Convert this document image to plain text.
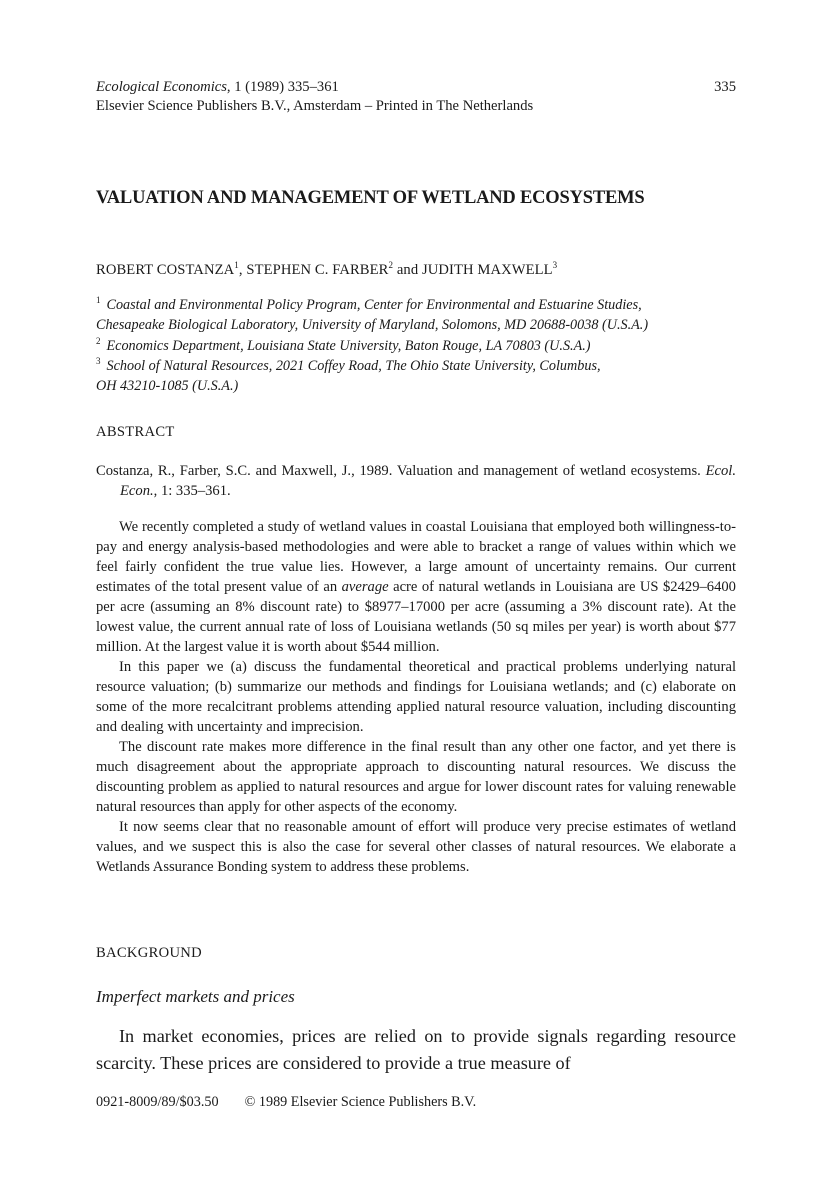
Ecological Economics, 1 (1989) 335–361
Elsevier Science Publishers B.V., Amsterdam – Printed in The Netherlands
335
VALUATION AND MANAGEMENT OF WETLAND ECOSYSTEMS
ROBERT COSTANZA$^1$, STEPHEN C. FARBER$^2$ and JUDITH MAXWELL$^3$
$^1$ Coastal and Environmental Policy Program, Center for Environmental and Estuarine Studies,
Chesapeake Biological Laboratory, University of Maryland, Solomons, MD 20688-0038 (U.S.A.)
$^2$ Economics Department, Louisiana State University, Baton Rouge, LA 70803 (U.S.A.)
$^3$ School of Natural Resources, 2021 Coffey Road, The Ohio State University, Columbus,
OH 43210-1085 (U.S.A.)
ABSTRACT
Costanza, R., Farber, S.C. and Maxwell, J., 1989. Valuation and management of wetland ecosystems. Ecol. Econ., 1: 335–361.

We recently completed a study of wetland values in coastal Louisiana that employed both willingness-to-pay and energy analysis-based methodologies and were able to bracket a range of values within which we feel fairly confident the true value lies. However, a large amount of uncertainty remains. Our current estimates of the total present value of an average acre of natural wetlands in Louisiana are US $2429–6400 per acre (assuming an 8% discount rate) to $8977–17000 per acre (assuming a 3% discount rate). At the lowest value, the current annual rate of loss of Louisiana wetlands (50 sq miles per year) is worth about $77 million. At the largest value it is worth about $544 million.

In this paper we (a) discuss the fundamental theoretical and practical problems underlying natural resource valuation; (b) summarize our methods and findings for Louisiana wetlands; and (c) elaborate on some of the more recalcitrant problems attending applied natural resource valuation, including discounting and dealing with uncertainty and imprecision.

The discount rate makes more difference in the final result than any other one factor, and yet there is much disagreement about the appropriate approach to discounting natural resources. We discuss the discounting problem as applied to natural resources and argue for lower discount rates for valuing renewable natural resources than apply for other aspects of the economy.

It now seems clear that no reasonable amount of effort will produce very precise estimates of wetland values, and we suspect this is also the case for several other classes of natural resources. We elaborate a Wetlands Assurance Bonding system to address these problems.

BACKGROUND
Imperfect markets and prices

In market economies, prices are relied on to provide signals regarding resource scarcity. These prices are considered to provide a true measure of

0921-8009/89/$03.50 © 1989 Elsevier Science Publishers B.V.
